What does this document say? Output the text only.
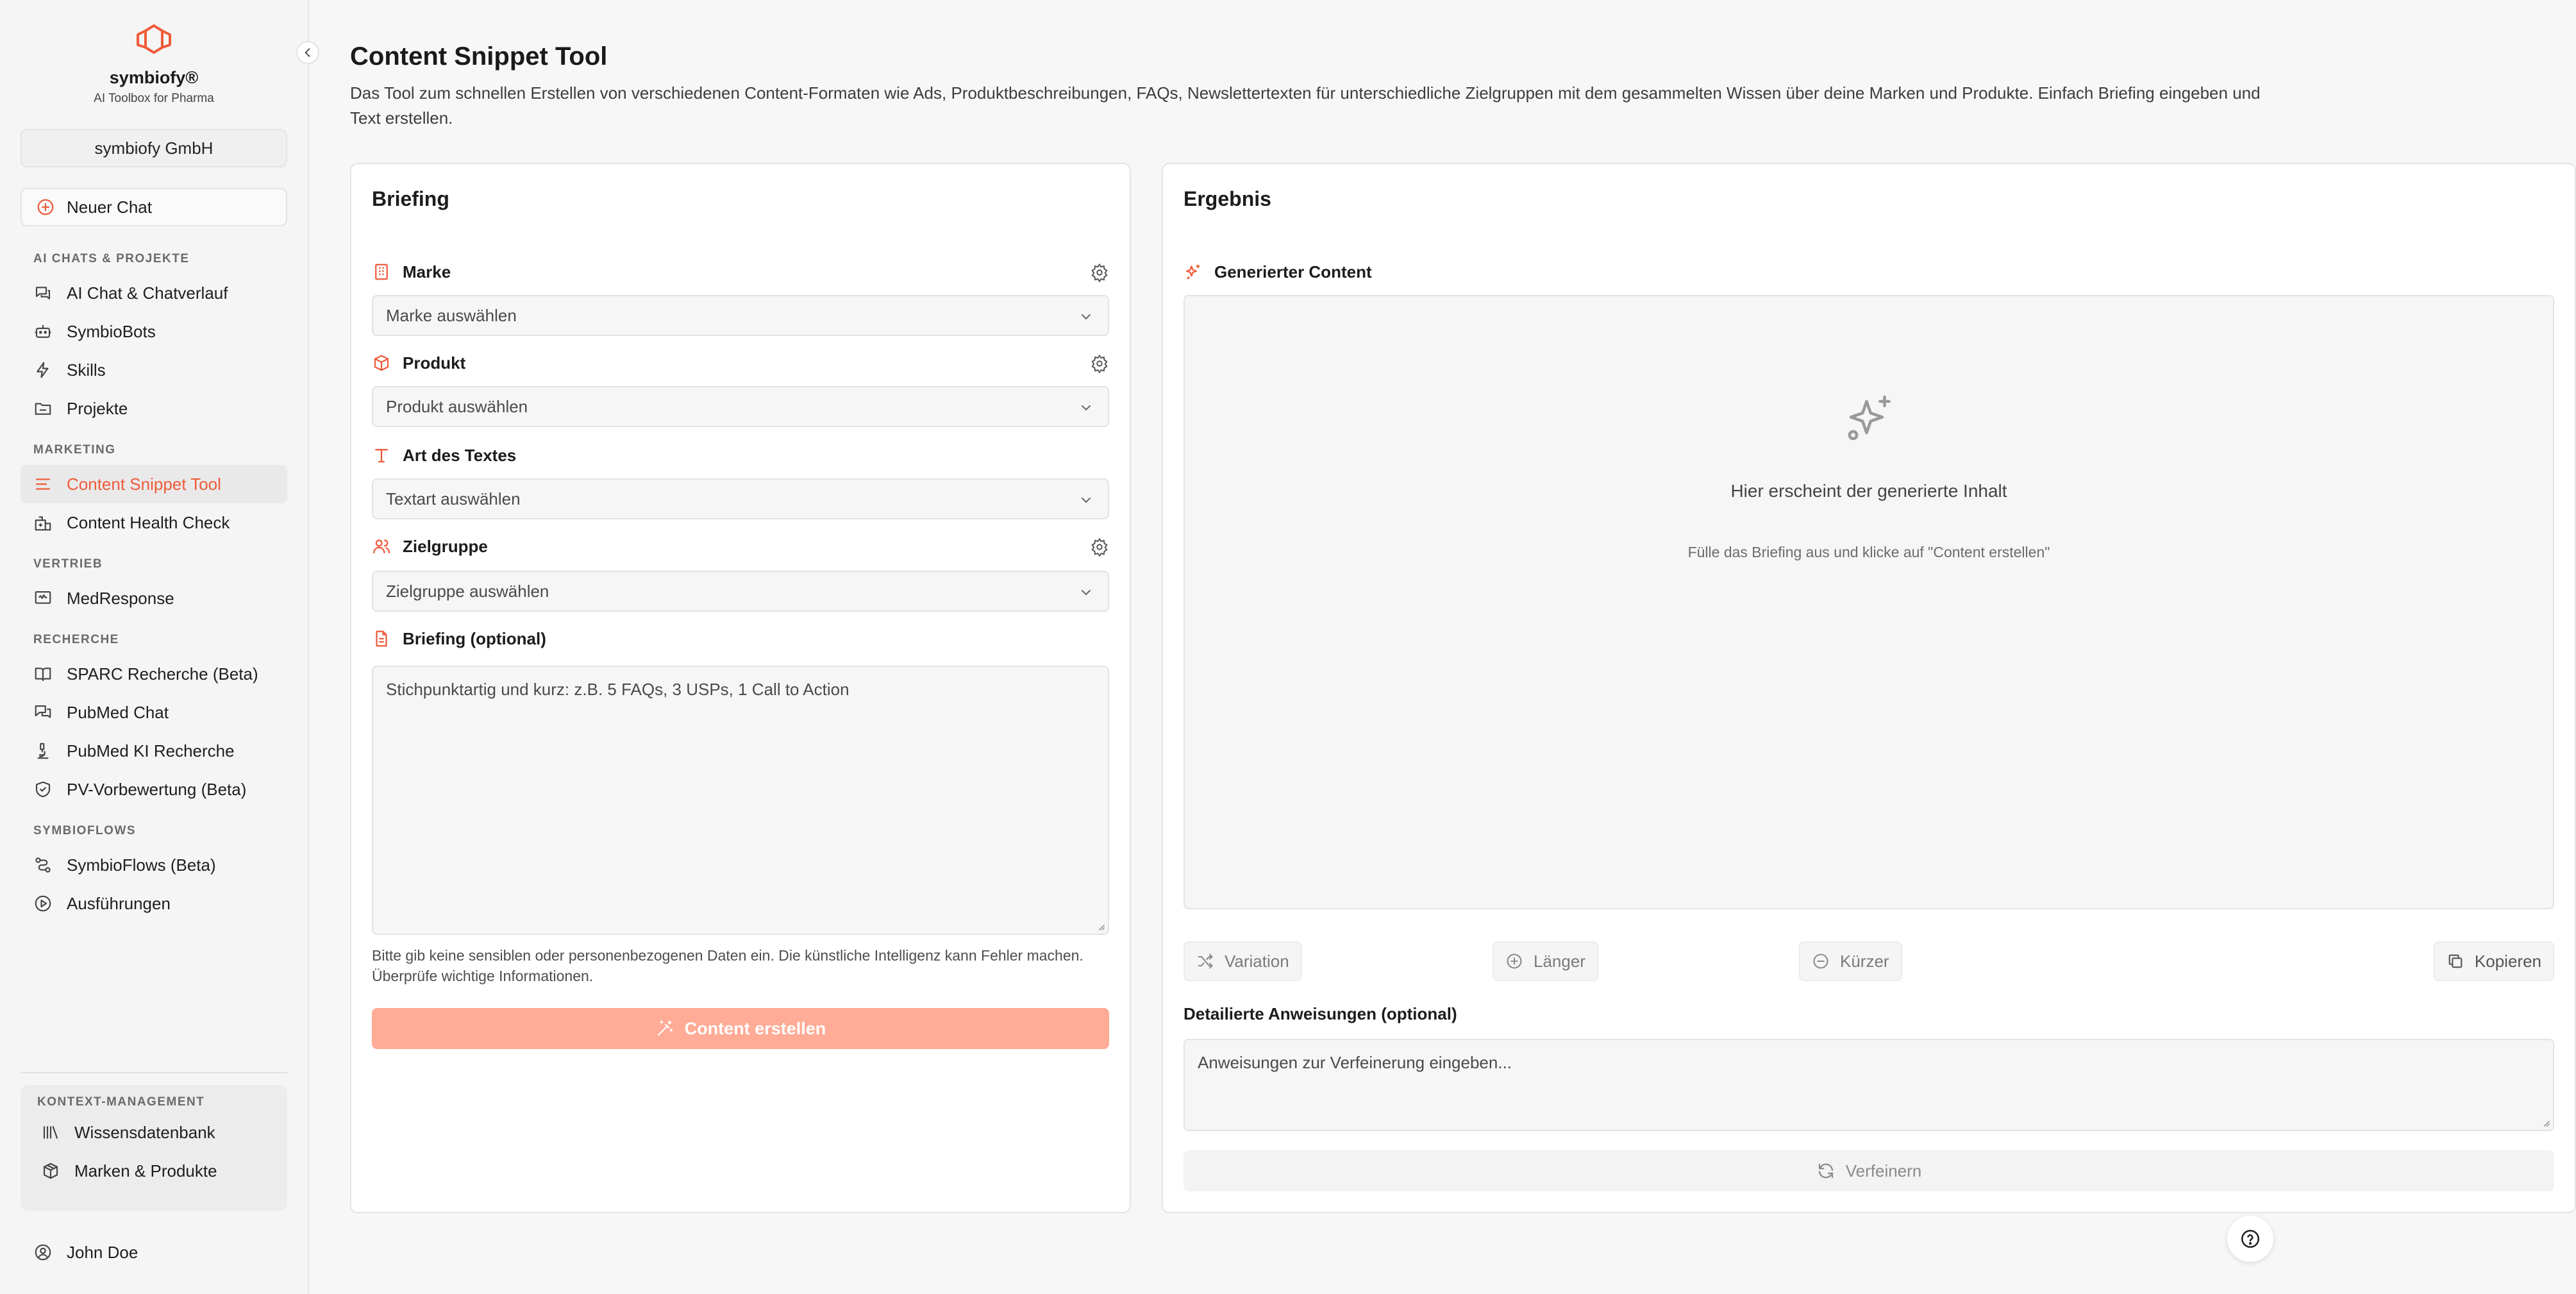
symbiofy®
AI Toolbox for Pharma
symbiofy GmbH
Neuer Chat
AI CHATS & PROJEKTE
AI Chat & Chatverlauf
SymbioBots
Skills
Projekte
MARKETING
Content Snippet Tool
Content Health Check
VERTRIEB
MedResponse
RECHERCHE
SPARC Recherche (Beta)
PubMed Chat
PubMed KI Recherche
PV-Vorbewertung (Beta)
SYMBIOFLOWS
SymbioFlows (Beta)
Ausführungen
KONTEXT-MANAGEMENT
Wissensdatenbank
Marken & Produkte
John Doe
Content Snippet Tool

Das Tool zum schnellen Erstellen von verschiedenen Content-Formaten wie Ads, Produktbeschreibungen, FAQs, Newslettertexten für unterschiedliche Zielgruppen mit dem gesammelten Wissen über deine Marken und Produkte. Einfach Briefing eingeben und Text erstellen.

Briefing
Marke
Marke auswählen
Produkt
Produkt auswählen
Art des Textes
Textart auswählen
Zielgruppe
Zielgruppe auswählen
Briefing (optional)
Stichpunktartig und kurz: z.B. 5 FAQs, 3 USPs, 1 Call to Action

Bitte gib keine sensiblen oder personenbezogenen Daten ein. Die künstliche Intelligenz kann Fehler machen. Überprüfe wichtige Informationen.

Content erstellen
Ergebnis
Generierter Content
Hier erscheint der generierte Inhalt
Fülle das Briefing aus und klicke auf "Content erstellen"
Variation	Länger	Kürzer	Kopieren
Detailierte Anweisungen (optional)
Anweisungen zur Verfeinerung eingeben...
Verfeinern
